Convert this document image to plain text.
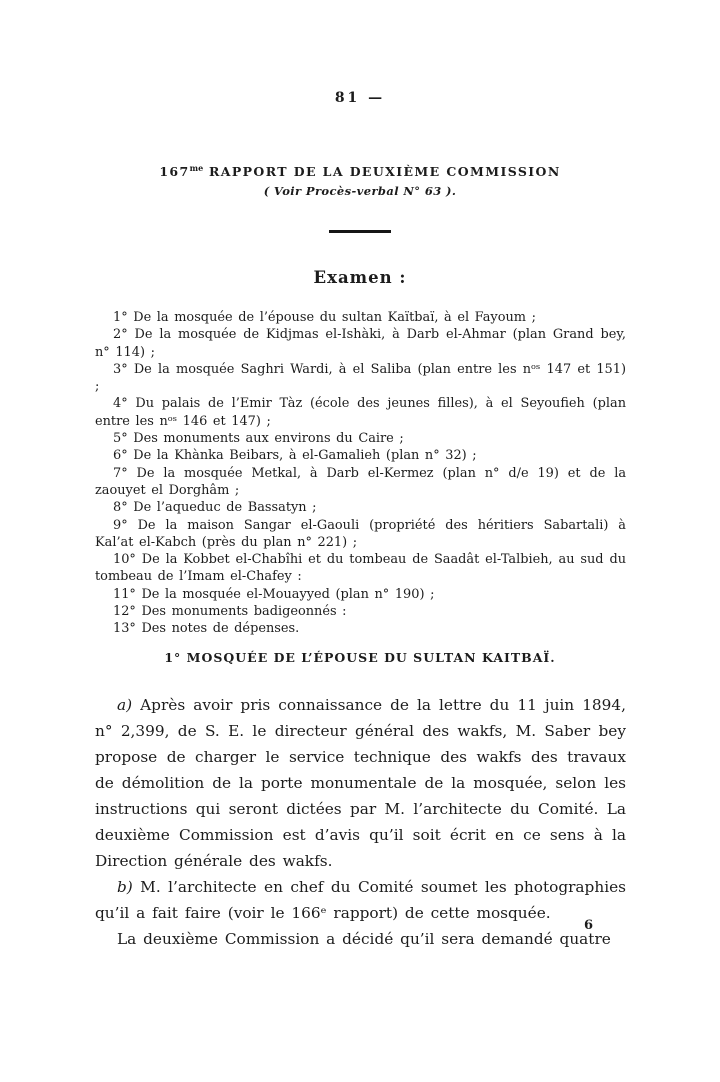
81 —
$167^{me}$ RAPPORT DE LA DEUXIÈME COMMISSION
( Voir Procès-verbal N° 63 ).
Examen :

1° De la mosquée de l’épouse du sultan Kaïtbaï, à el Fayoum ;

2° De la mosquée de Kidjmas el-Ishàki, à Darb el-Ahmar (plan Grand bey, n° 114) ;

3° De la mosquée Saghri Wardi, à el Saliba (plan entre les nᵒˢ 147 et 151) ;

4° Du palais de l’Emir Tàz (école des jeunes filles), à el Seyoufieh (plan entre les nᵒˢ 146 et 147) ;

5° Des monuments aux environs du Caire ;

6° De la Khànka Beibars, à el-Gamalieh (plan n° 32) ;

7° De la mosquée Metkal, à Darb el-Kermez (plan n° d/e 19) et de la zaouyet el Dorghâm ;

8° De l’aqueduc de Bassatyn ;

9° De la maison Sangar el-Gaouli (propriété des héritiers Sabartali) à Kal’at el-Kabch (près du plan n° 221) ;

10° De la Kobbet el-Chabîhi et du tombeau de Saadât el-Talbieh, au sud du tombeau de l’Imam el-Chafey :

11° De la mosquée el-Mouayyed (plan n° 190) ;

12° Des monuments badigeonnés :

13° Des notes de dépenses.

1° MOSQUÉE DE L’ÉPOUSE DU SULTAN KAITBAÏ.

a) Après avoir pris connaissance de la lettre du 11 juin 1894, n° 2,399, de S. E. le directeur général des wakfs, M. Saber bey propose de charger le service technique des wakfs des travaux de démolition de la porte monumentale de la mosquée, selon les instructions qui seront dictées par M. l’architecte du Comité. La deuxième Commission est d’avis qu’il soit écrit en ce sens à la Direction générale des wakfs.

b) M. l’architecte en chef du Comité soumet les photographies qu’il a fait faire (voir le 166ᵉ rapport) de cette mosquée.

La deuxième Commission a décidé qu’il sera demandé quatre

6
